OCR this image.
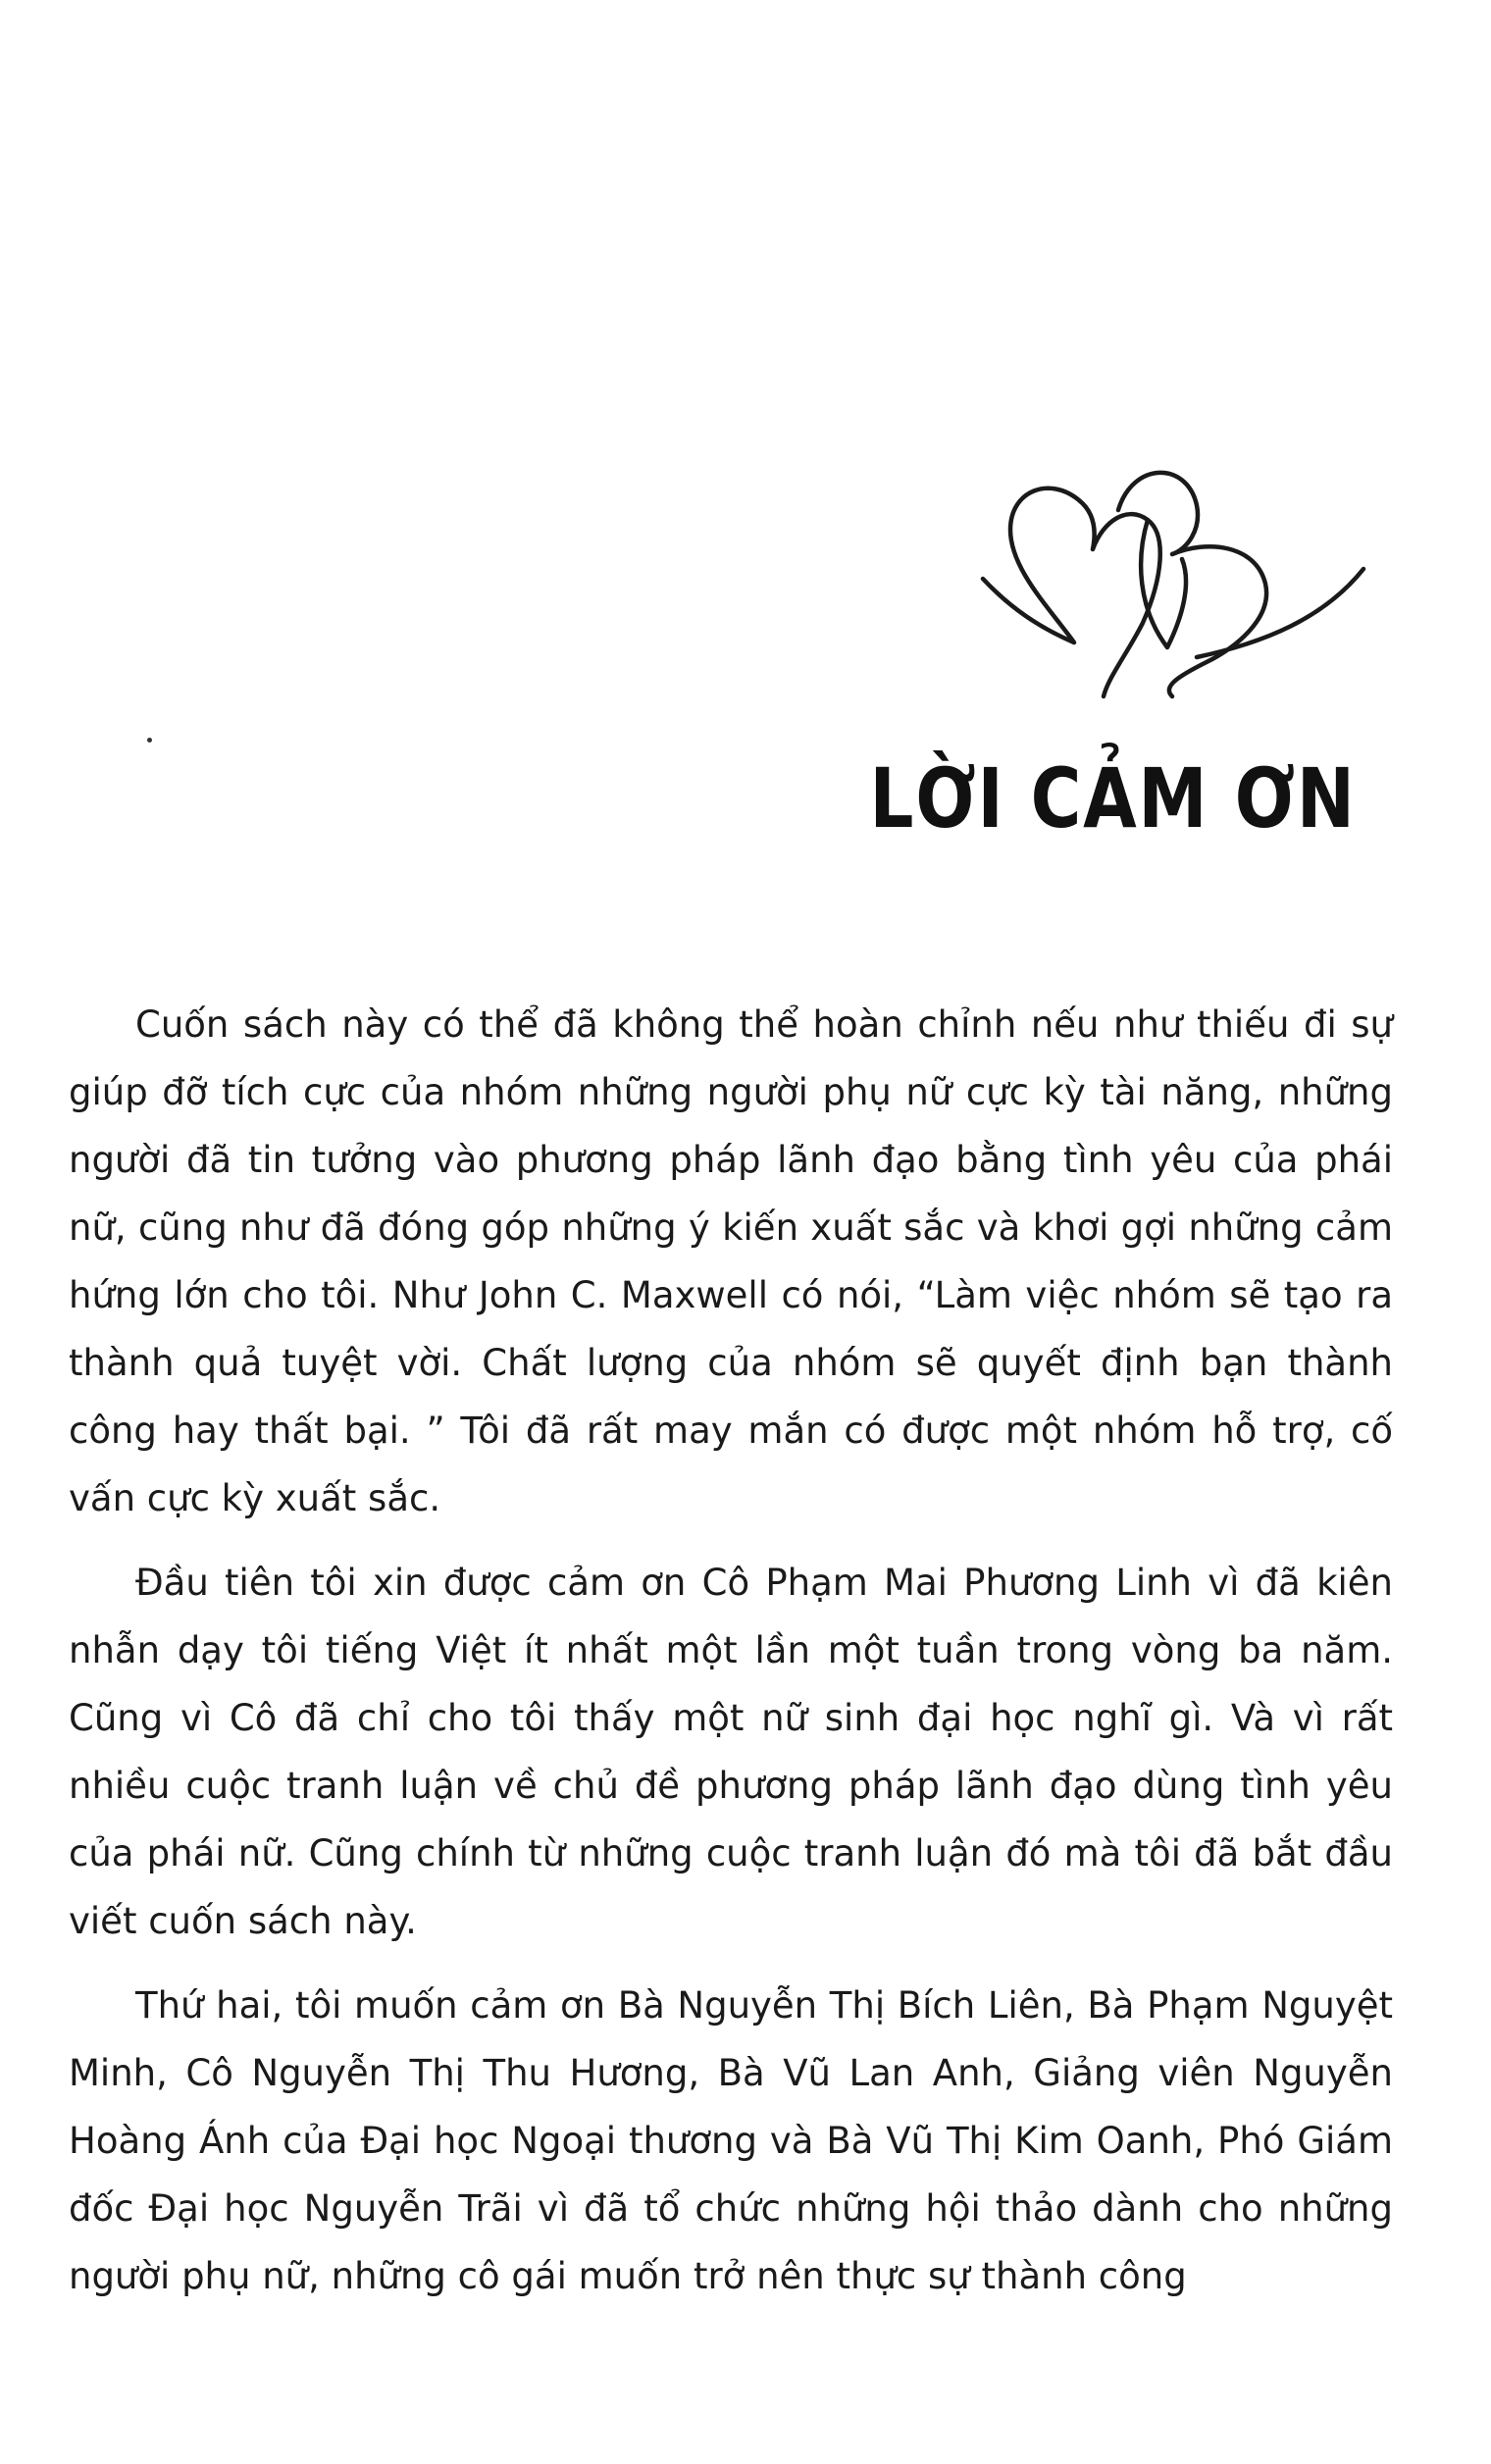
LỜI CẢM ƠN

Cuốn sách này có thể đã không thể hoàn chỉnh nếu như thiếu đi sự giúp đỡ tích cực của nhóm những người phụ nữ cực kỳ tài năng, những người đã tin tưởng vào phương pháp lãnh đạo bằng tình yêu của phái nữ, cũng như đã đóng góp những ý kiến xuất sắc và khơi gợi những cảm hứng lớn cho tôi. Như John C. Maxwell có nói, “Làm việc nhóm sẽ tạo ra thành quả tuyệt vời. Chất lượng của nhóm sẽ quyết định bạn thành công hay thất bại. ” Tôi đã rất may mắn có được một nhóm hỗ trợ, cố vấn cực kỳ xuất sắc.

Đầu tiên tôi xin được cảm ơn Cô Phạm Mai Phương Linh vì đã kiên nhẫn dạy tôi tiếng Việt ít nhất một lần một tuần trong vòng ba năm. Cũng vì Cô đã chỉ cho tôi thấy một nữ sinh đại học nghĩ gì. Và vì rất nhiều cuộc tranh luận về chủ đề phương pháp lãnh đạo dùng tình yêu của phái nữ. Cũng chính từ những cuộc tranh luận đó mà tôi đã bắt đầu viết cuốn sách này.

Thứ hai, tôi muốn cảm ơn Bà Nguyễn Thị Bích Liên, Bà Phạm Nguyệt Minh, Cô Nguyễn Thị Thu Hương, Bà Vũ Lan Anh, Giảng viên Nguyễn Hoàng Ánh của Đại học Ngoại thương và Bà Vũ Thị Kim Oanh, Phó Giám đốc Đại học Nguyễn Trãi vì đã tổ chức những hội thảo dành cho những người phụ nữ, những cô gái muốn trở nên thực sự thành công
